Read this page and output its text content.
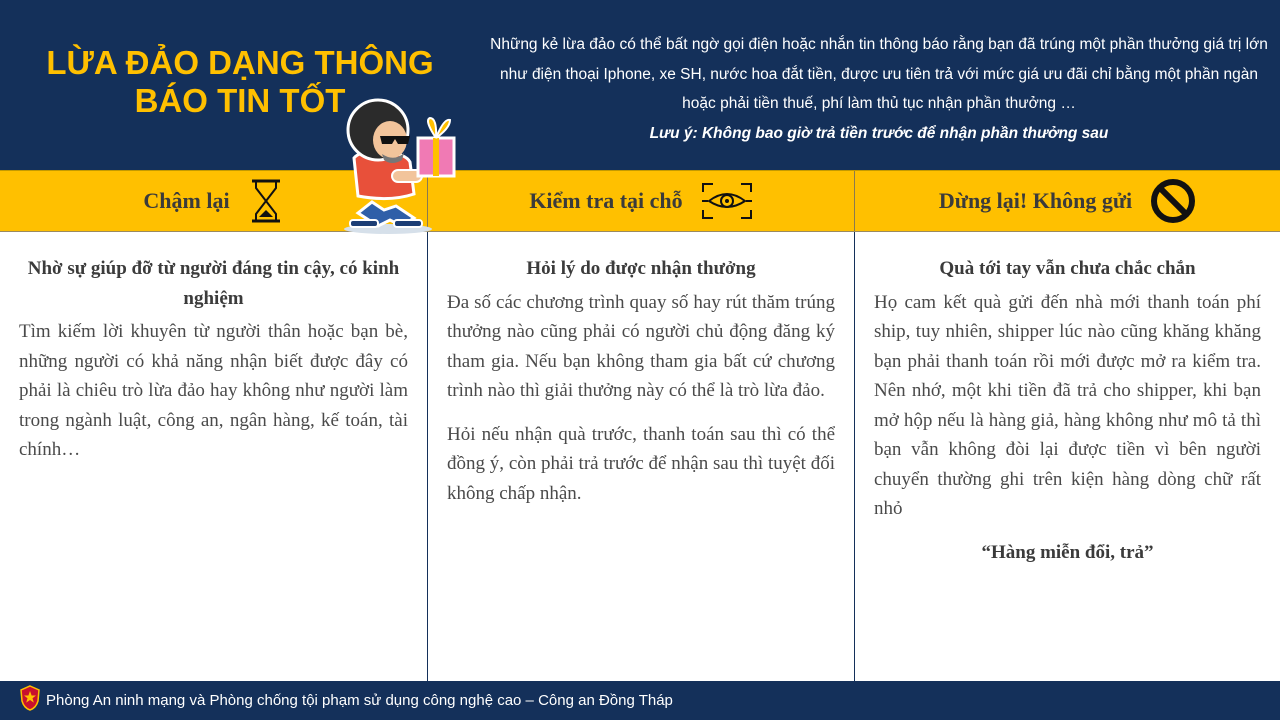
LỪA ĐẢO DẠNG THÔNG BÁO TIN TỐT
Những kẻ lừa đảo có thể bất ngờ gọi điện hoặc nhắn tin thông báo rằng bạn đã trúng một phần thưởng giá trị lớn như điện thoại Iphone, xe SH, nước hoa đắt tiền, được ưu tiên trả với mức giá ưu đãi chỉ bằng một phần ngàn hoặc phải tiền thuế, phí làm thủ tục nhận phần thưởng …
Lưu ý: Không bao giờ trả tiền trước để nhận phần thưởng sau
Chậm lại	Kiểm tra tại chỗ	Dừng lại! Không gửi
Nhờ sự giúp đỡ từ người đáng tin cậy, có kinh nghiệm

Tìm kiếm lời khuyên từ người thân hoặc bạn bè, những người có khả năng nhận biết được đây có phải là chiêu trò lừa đảo hay không như người làm trong ngành luật, công an, ngân hàng, kế toán, tài chính…

Hỏi lý do được nhận thưởng

Đa số các chương trình quay số hay rút thăm trúng thưởng nào cũng phải có người chủ động đăng ký tham gia. Nếu bạn không tham gia bất cứ chương trình nào thì giải thưởng này có thể là trò lừa đảo.

Hỏi nếu nhận quà trước, thanh toán sau thì có thể đồng ý, còn phải trả trước để nhận sau thì tuyệt đối không chấp nhận.

Quà tới tay vẫn chưa chắc chắn

Họ cam kết quà gửi đến nhà mới thanh toán phí ship, tuy nhiên, shipper lúc nào cũng khăng khăng bạn phải thanh toán rồi mới được mở ra kiểm tra. Nên nhớ, một khi tiền đã trả cho shipper, khi bạn mở hộp nếu là hàng giả, hàng không như mô tả thì bạn vẫn không đòi lại được tiền vì bên người chuyển thường ghi trên kiện hàng dòng chữ rất nhỏ

“Hàng miễn đổi, trả”
Phòng An ninh mạng và Phòng chống tội phạm sử dụng công nghệ cao – Công an Đồng Tháp
